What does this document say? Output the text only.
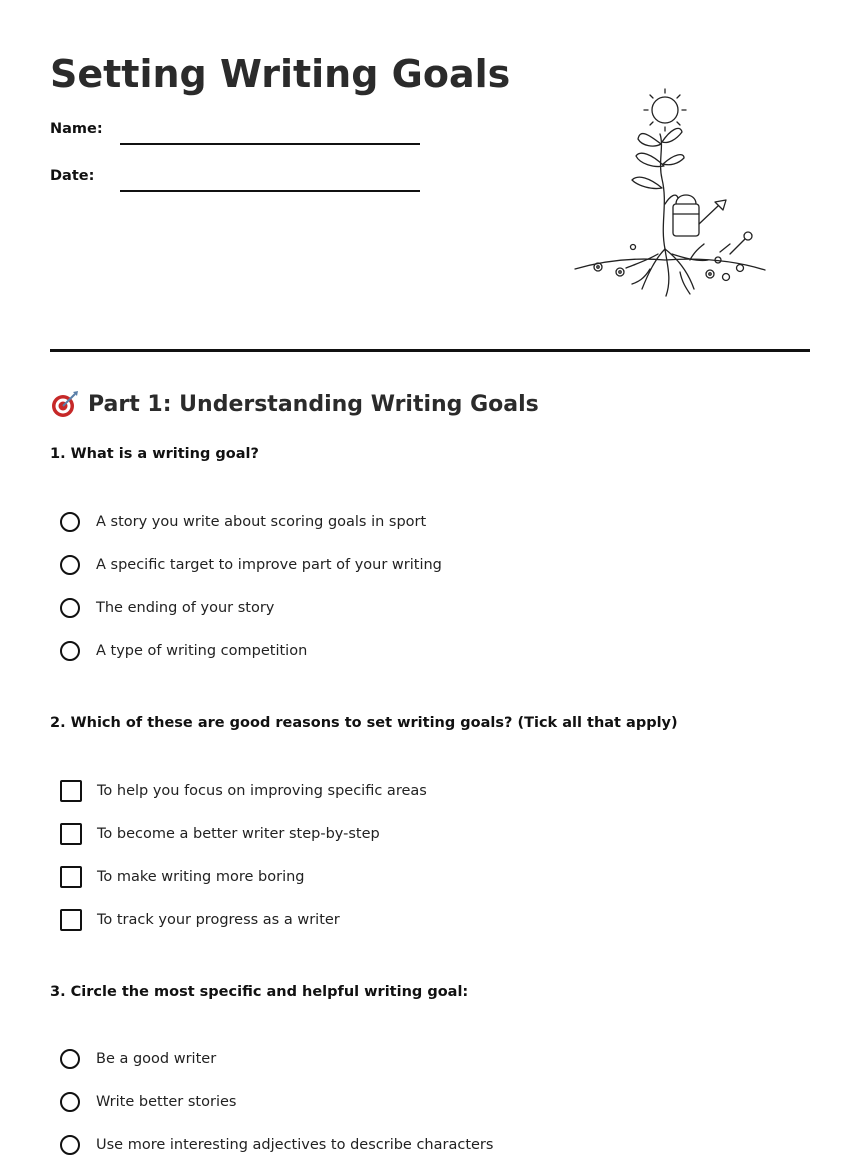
Setting Writing Goals
Name:
Date:
Part 1: Understanding Writing Goals
1. What is a writing goal?
A story you write about scoring goals in sport
A specific target to improve part of your writing
The ending of your story
A type of writing competition
2. Which of these are good reasons to set writing goals? (Tick all that apply)
To help you focus on improving specific areas
To become a better writer step-by-step
To make writing more boring
To track your progress as a writer
3. Circle the most specific and helpful writing goal:
Be a good writer
Write better stories
Use more interesting adjectives to describe characters
